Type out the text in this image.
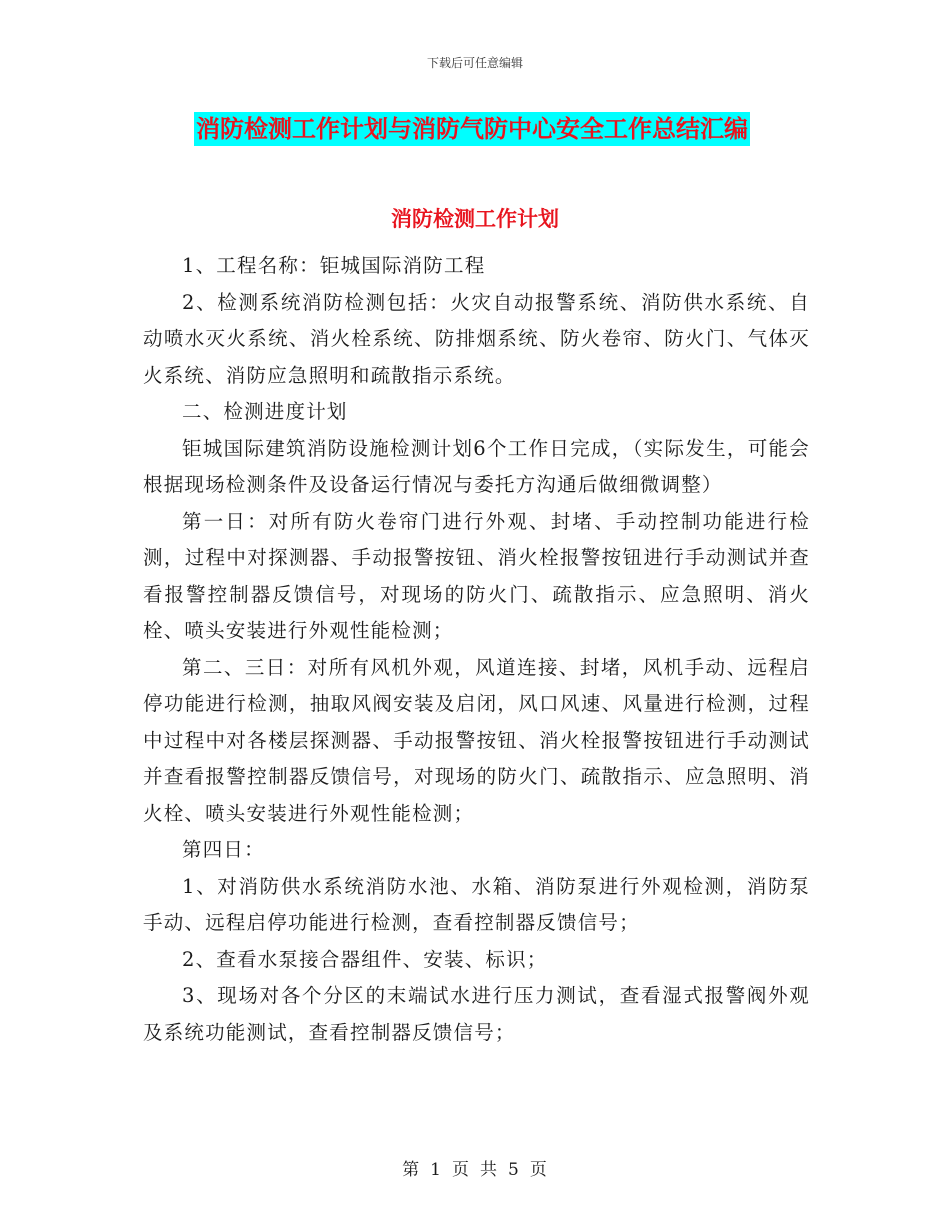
下载后可任意编辑
消防检测工作计划与消防气防中心安全工作总结汇编
消防检测工作计划

1、工程名称：钜城国际消防工程

2、检测系统消防检测包括：火灾自动报警系统、消防供水系统、自动喷水灭火系统、消火栓系统、防排烟系统、防火卷帘、防火门、气体灭火系统、消防应急照明和疏散指示系统。

二、检测进度计划

钜城国际建筑消防设施检测计划6个工作日完成，（实际发生，可能会根据现场检测条件及设备运行情况与委托方沟通后做细微调整）

第一日：对所有防火卷帘门进行外观、封堵、手动控制功能进行检测，过程中对探测器、手动报警按钮、消火栓报警按钮进行手动测试并查看报警控制器反馈信号，对现场的防火门、疏散指示、应急照明、消火栓、喷头安装进行外观性能检测；

第二、三日：对所有风机外观，风道连接、封堵，风机手动、远程启停功能进行检测，抽取风阀安装及启闭，风口风速、风量进行检测，过程中过程中对各楼层探测器、手动报警按钮、消火栓报警按钮进行手动测试并查看报警控制器反馈信号，对现场的防火门、疏散指示、应急照明、消火栓、喷头安装进行外观性能检测；

第四日：

1、对消防供水系统消防水池、水箱、消防泵进行外观检测，消防泵手动、远程启停功能进行检测，查看控制器反馈信号；

2、查看水泵接合器组件、安装、标识；

3、现场对各个分区的末端试水进行压力测试，查看湿式报警阀外观及系统功能测试，查看控制器反馈信号；

第 1 页 共 5 页
